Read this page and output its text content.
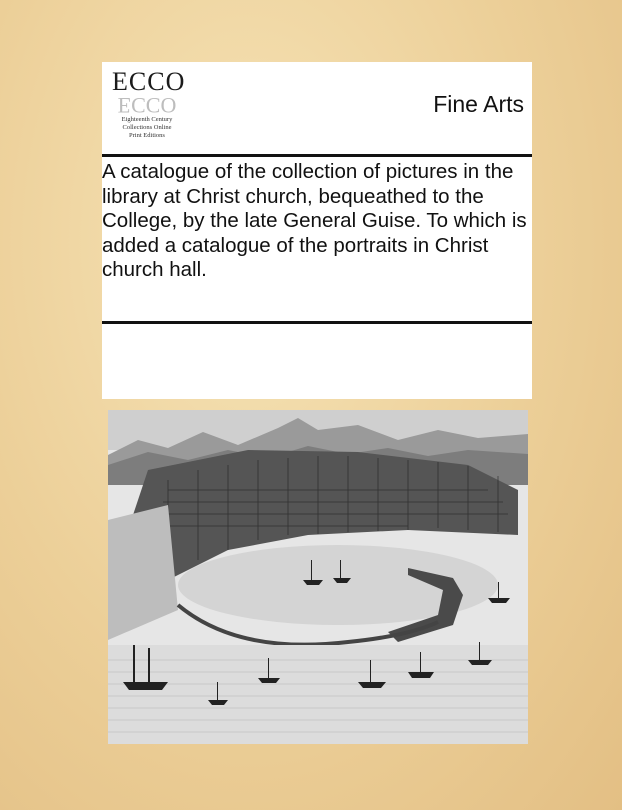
ECCO
ECCO
Eighteenth Century
Collections Online
Print Editions
Fine Arts
A catalogue of the collection of pictures in the library at Christ church, bequeathed to the College, by the late General Guise. To which is added a catalogue of the portraits in Christ church hall.
